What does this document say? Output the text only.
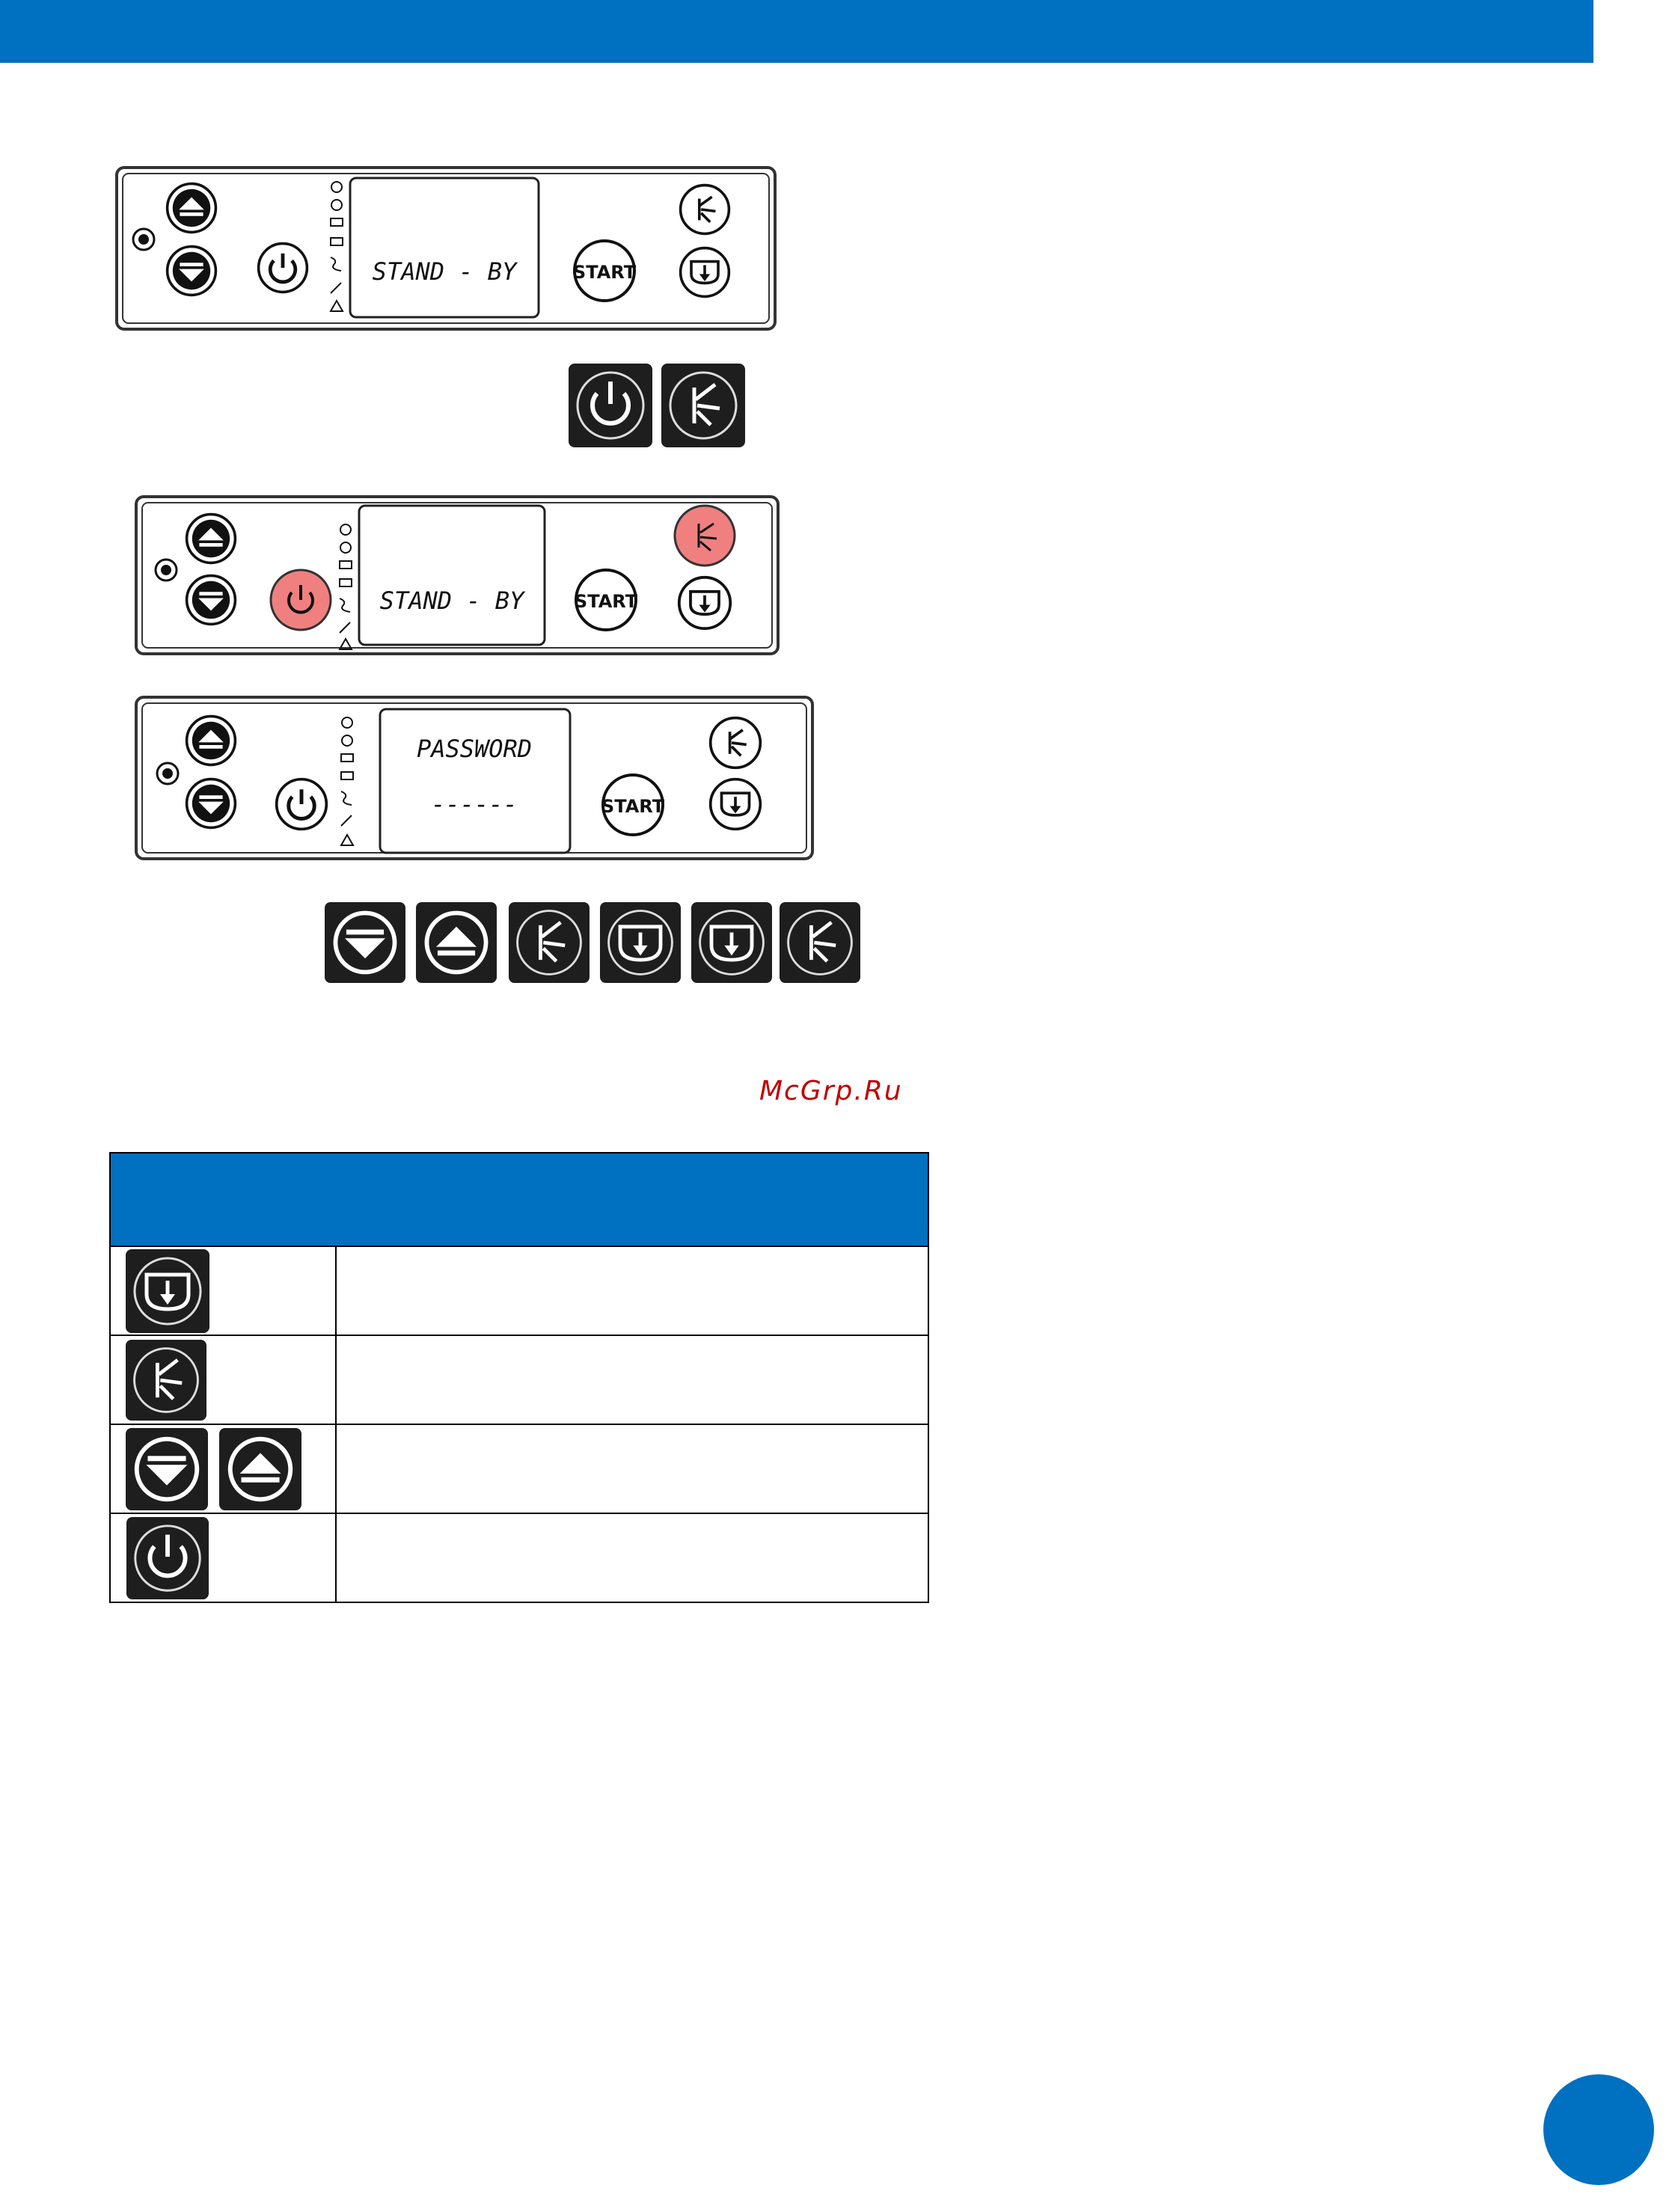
STAND - BY	START
STAND - BY	START
PASSWORD
------	START
McGrp.Ru
